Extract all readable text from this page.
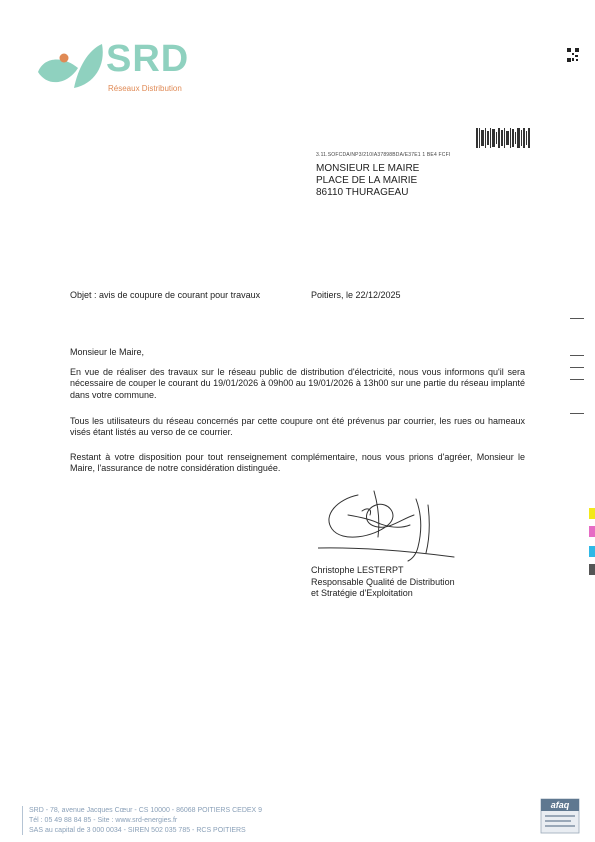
SRD
Réseaux Distribution
3.11.SOFCDA/NP3/210IA37898BDA/E37E1 1 BE4 FCFI
MONSIEUR LE MAIRE
PLACE DE LA MAIRIE
86110 THURAGEAU
Objet : avis de coupure de courant pour travaux	Poitiers, le 22/12/2025
Monsieur le Maire,
En vue de réaliser des travaux sur le réseau public de distribution d'électricité, nous vous informons qu'il sera nécessaire de couper le courant du 19/01/2026 à 09h00 au 19/01/2026 à 13h00 sur une partie du réseau implanté dans votre commune.
Tous les utilisateurs du réseau concernés par cette coupure ont été prévenus par courrier, les rues ou hameaux visés étant listés au verso de ce courrier.
Restant à votre disposition pour tout renseignement complémentaire, nous vous prions d'agréer, Monsieur le Maire, l'assurance de notre considération distinguée.
Christophe LESTERPT
Responsable Qualité de Distribution
et Stratégie d'Exploitation
SRD - 78, avenue Jacques Cœur - CS 10000 - 86068 POITIERS CEDEX 9
Tél : 05 49 88 84 85 - Site : www.srd-energies.fr
SAS au capital de 3 000 0034 - SIREN 502 035 785 - RCS POITIERS
afaq
